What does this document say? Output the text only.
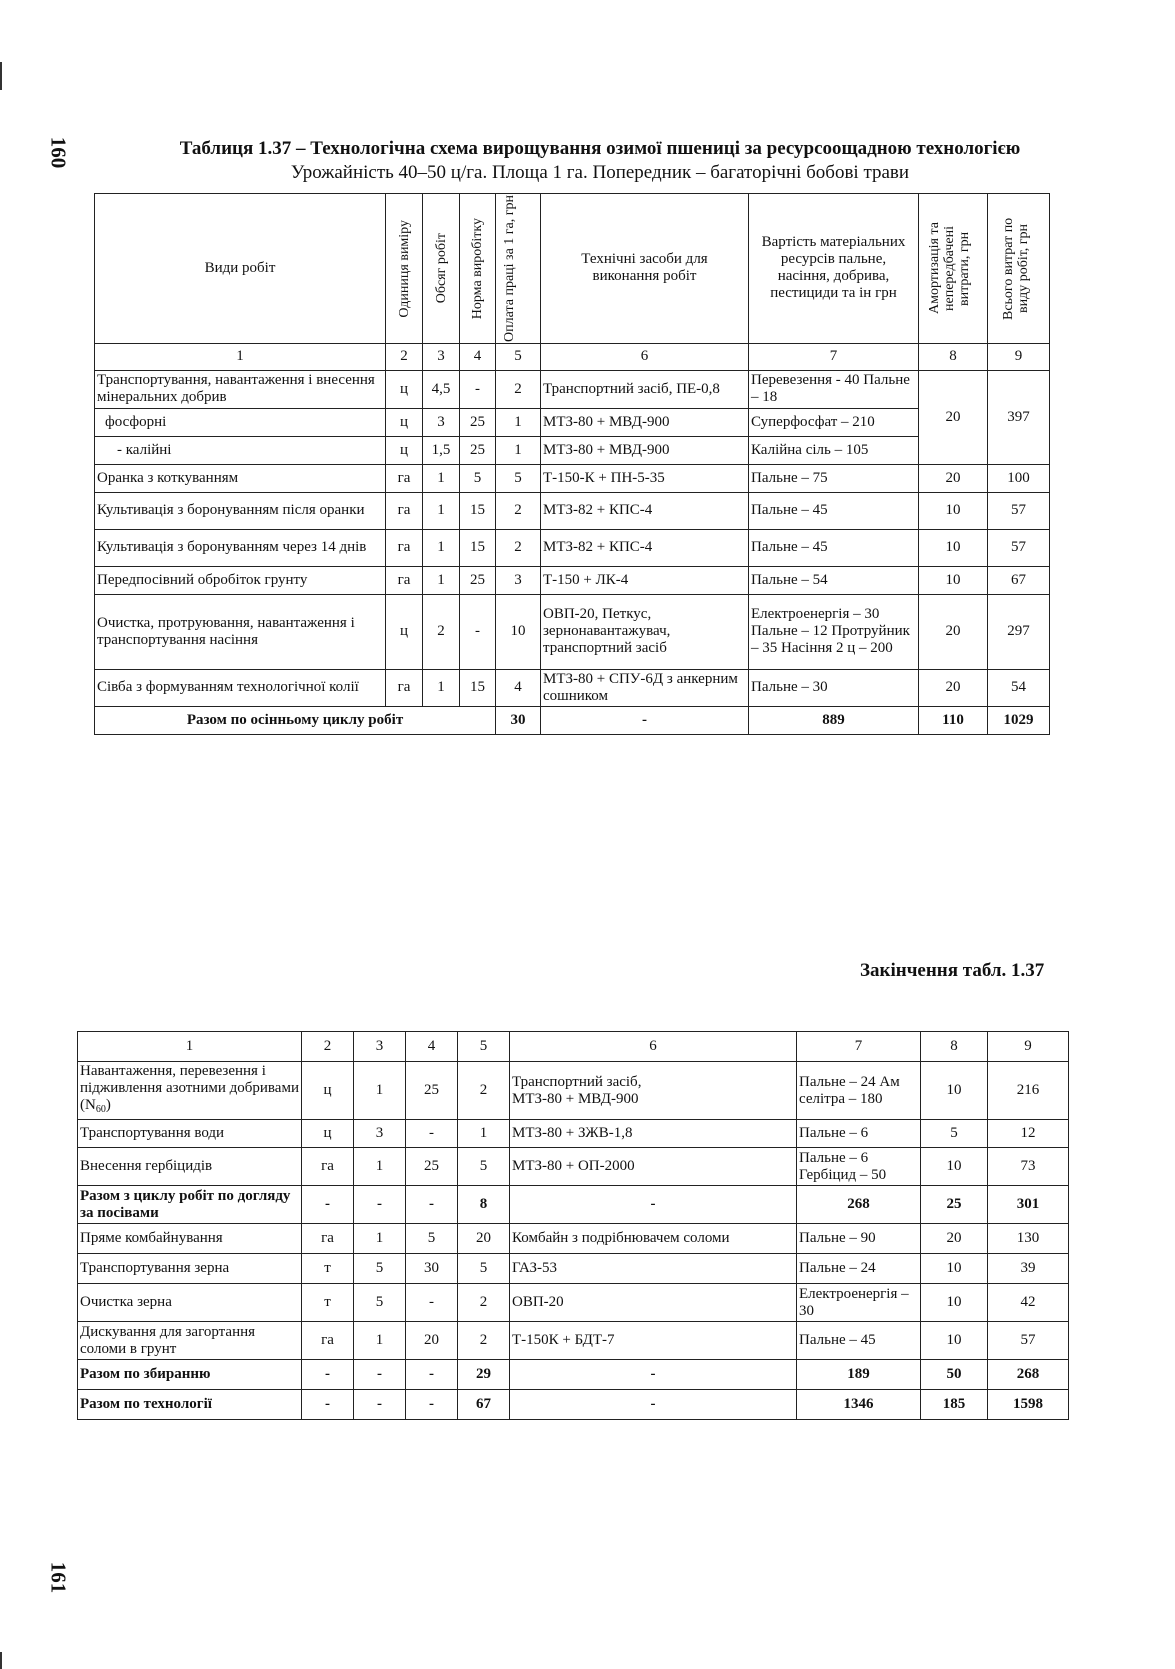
160	Таблиця 1.37 – Технологічна схема вирощування озимої пшениці за ресурсоощадною технологією
Урожайність 40–50 ц/га. Площа 1 га. Попередник – багаторічні бобові трави
Види робіт	Одиниця виміру	Обсяг робіт	Норма виробітку	Оплата праці за 1 га, грн	Технічні засоби для виконання робіт	Вартість матеріальних ресурсів пальне, насіння, добрива, пестициди та ін грн	Амортизація та непередбачені витрати, грн	Всього витрат по виду робіт, грн

1	2	3	4	5	6	7	8	9
Транспортування, навантаження і внесення мінеральних добрив	ц	4,5	-	2	Транспортний засіб, ПЕ-0,8	Перевезення - 40 Пальне – 18	20	397
фосфорні	ц	3	25	1	МТЗ-80 + МВД-900	Суперфосфат – 210		
- калійні	ц	1,5	25	1	МТЗ-80 + МВД-900	Калійна сіль – 105		
Оранка з коткуванням	га	1	5	5	Т-150-К + ПН-5-35	Пальне – 75	20	100
Культивація з боронуванням після оранки	га	1	15	2	МТЗ-82 + КПС-4	Пальне – 45	10	57
Культивація з боронуванням через 14 днів	га	1	15	2	МТЗ-82 + КПС-4	Пальне – 45	10	57
Передпосівний обробіток грунту	га	1	25	3	Т-150 + ЛК-4	Пальне – 54	10	67
Очистка, протруювання, навантаження і транспортування насіння	ц	2	-	10	ОВП-20, Петкус, зернонавантажувач, транспортний засіб	Електроенергія – 30 Пальне – 12 Протруйник – 35 Насіння 2 ц – 200	20	297
Сівба з формуванням технологічної колії	га	1	15	4	МТЗ-80 + СПУ-6Д з анкерним сошником	Пальне – 30	20	54
Разом по осінньому циклу робіт				30	-	889	110	1029
Закінчення табл. 1.37
1	2	3	4	5	6	7	8	9
Навантаження, перевезення і підживлення азотними добривами $(N_{60})$	ц	1	25	2	Транспортний засіб, МТЗ-80 + МВД-900	Пальне – 24 Ам селітра – 180	10	216
Транспортування води	ц	3	-	1	МТЗ-80 + ЗЖВ-1,8	Пальне – 6	5	12
Внесення гербіцидів	га	1	25	5	МТЗ-80 + ОП-2000	Пальне – 6 Гербіцид – 50	10	73
Разом з циклу робіт по догляду за посівами	-	-	-	8	-	268	25	301
Пряме комбайнування	га	1	5	20	Комбайн з подрібнювачем соломи	Пальне – 90	20	130
Транспортування зерна	т	5	30	5	ГАЗ-53	Пальне – 24	10	39
Очистка зерна	т	5	-	2	ОВП-20	Електроенергія – 30	10	42
Дискування для загортання соломи в грунт	га	1	20	2	Т-150К + БДТ-7	Пальне – 45	10	57
Разом по збиранню	-	-	-	29	-	189	50	268
Разом по технології	-	-	-	67	-	1346	185	1598
161
